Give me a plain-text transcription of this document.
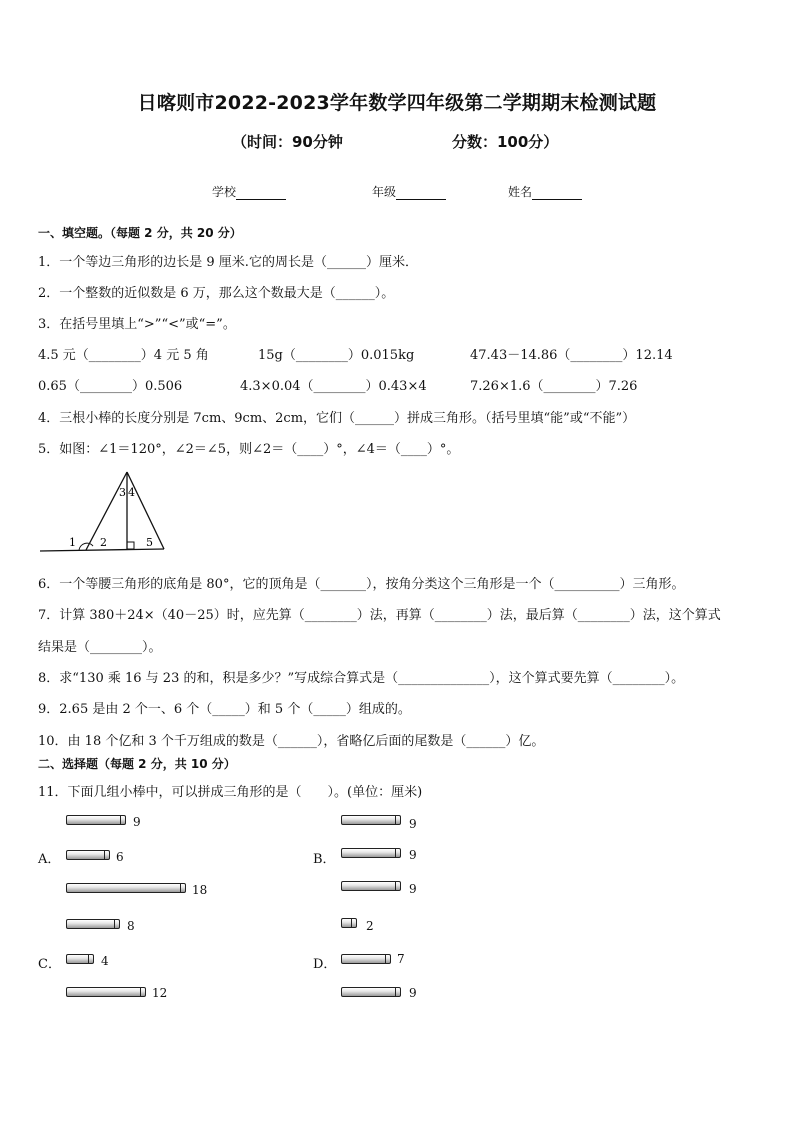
日喀则市2022-2023学年数学四年级第二学期期末检测试题
（时间：90分钟	分数：100分）
学校	年级	姓名
一、填空题。（每题 2 分，共 20 分）
1．一个等边三角形的边长是 9 厘米.它的周长是（______）厘米．
2．一个整数的近似数是 6 万，那么这个数最大是（______）。
3．在括号里填上“>”“<”或“=”。
4.5 元（________）4 元 5 角	15g（________）0.015kg	47.43－14.86（________）12.14
0.65（________）0.506	4.3×0.04（________）0.43×4	7.26×1.6（________）7.26
4．三根小棒的长度分别是 7cm、9cm、2cm，它们（______）拼成三角形。（括号里填“能”或“不能”）
5．如图：∠1＝120°，∠2＝∠5，则∠2＝（____）°，∠4＝（____）°。
3 4
1 2	5
6．一个等腰三角形的底角是 80°，它的顶角是（_______），按角分类这个三角形是一个（__________）三角形。
7．计算 380＋24×（40－25）时，应先算（________）法，再算（________）法，最后算（________）法，这个算式
结果是（________）。
8．求“130 乘 16 与 23 的和，积是多少？”写成综合算式是（______________），这个算式要先算（________）。
9．2.65 是由 2 个一、6 个（_____）和 5 个（_____）组成的。
10．由 18 个亿和 3 个千万组成的数是（______），省略亿后面的尾数是（______）亿。
二、选择题（每题 2 分，共 10 分）
11．下面几组小棒中，可以拼成三角形的是（　　）。(单位：厘米)
A．
9
6
18
B．
9
9
9
C．
8
4
12
D．
2
7
9
